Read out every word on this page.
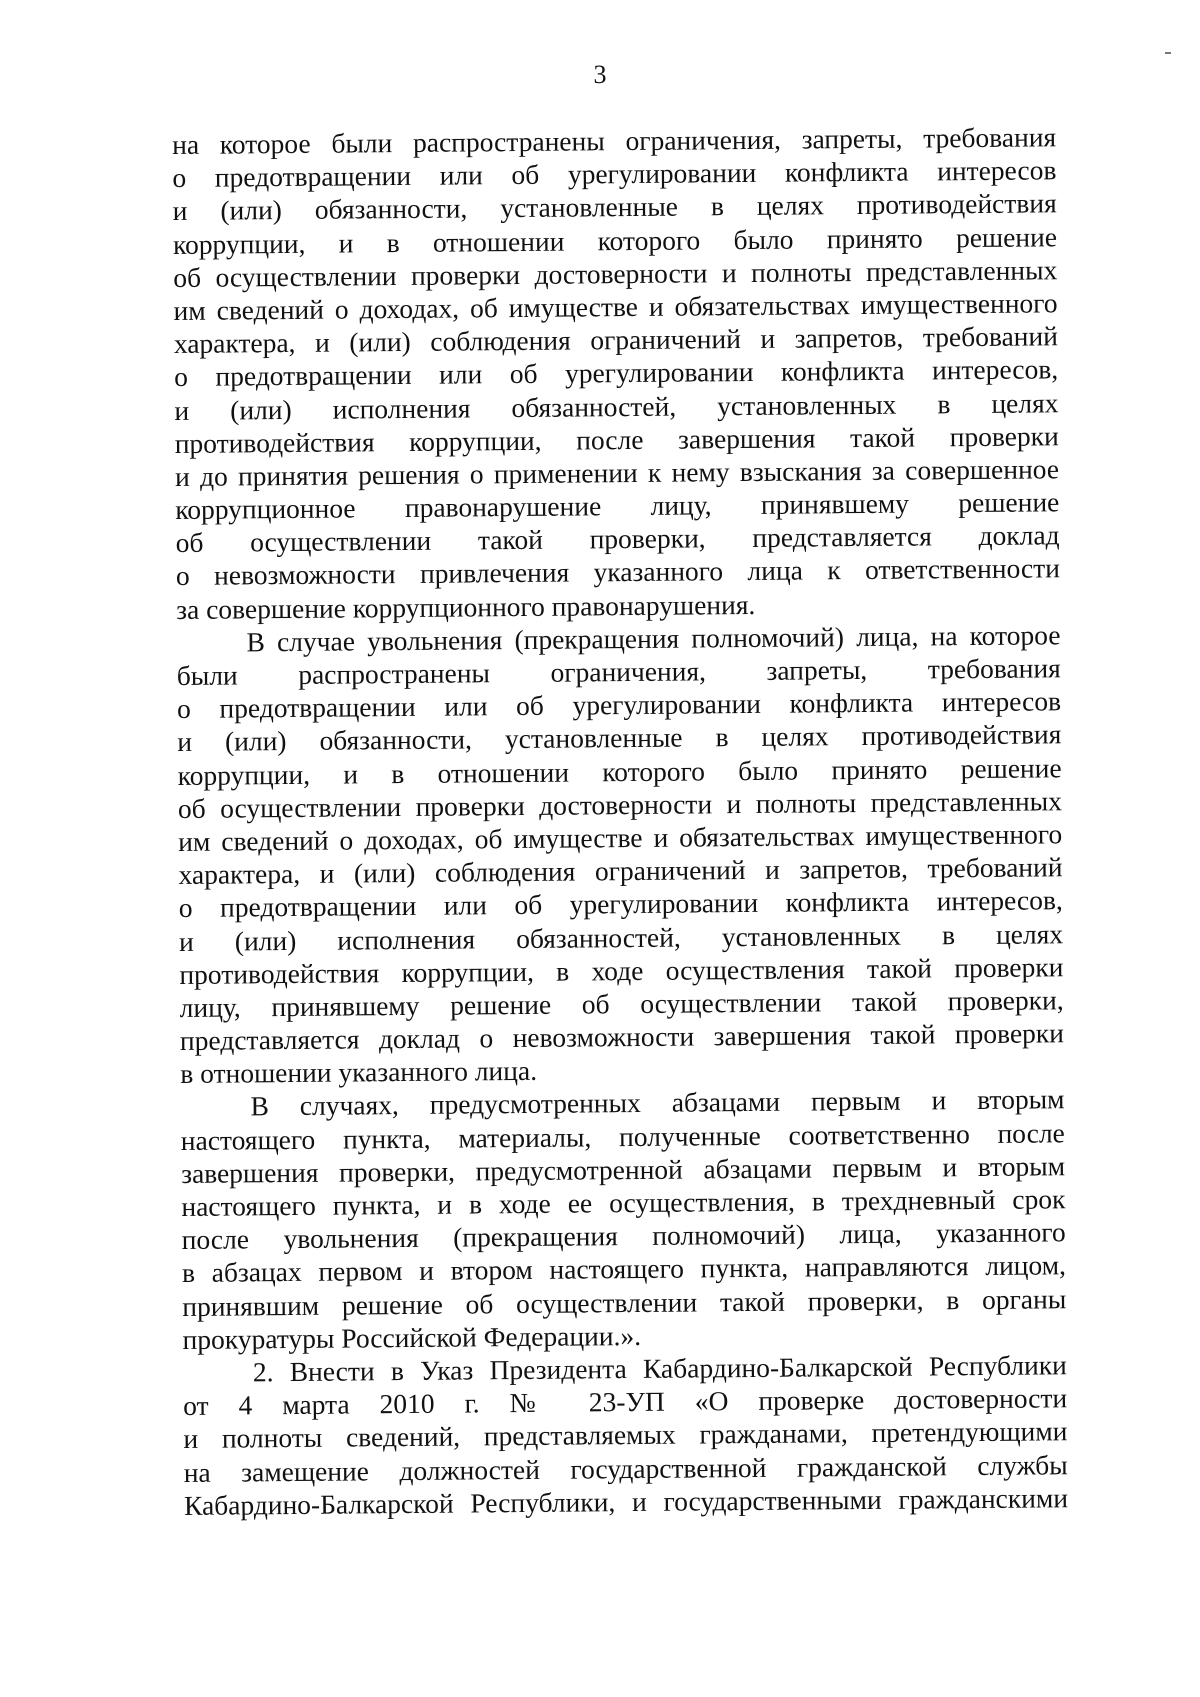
3
на которое были распространены ограничения, запреты, требования
о предотвращении или об урегулировании конфликта интересов
и (или) обязанности, установленные в целях противодействия
коррупции, и в отношении которого было принято решение
об осуществлении проверки достоверности и полноты представленных
им сведений о доходах, об имуществе и обязательствах имущественного
характера, и (или) соблюдения ограничений и запретов, требований
о предотвращении или об урегулировании конфликта интересов,
и (или) исполнения обязанностей, установленных в целях
противодействия коррупции, после завершения такой проверки
и до принятия решения о применении к нему взыскания за совершенное
коррупционное правонарушение лицу, принявшему решение
об осуществлении такой проверки, представляется доклад
о невозможности привлечения указанного лица к ответственности
за совершение коррупционного правонарушения.
В случае увольнения (прекращения полномочий) лица, на которое
были распространены ограничения, запреты, требования
о предотвращении или об урегулировании конфликта интересов
и (или) обязанности, установленные в целях противодействия
коррупции, и в отношении которого было принято решение
об осуществлении проверки достоверности и полноты представленных
им сведений о доходах, об имуществе и обязательствах имущественного
характера, и (или) соблюдения ограничений и запретов, требований
о предотвращении или об урегулировании конфликта интересов,
и (или) исполнения обязанностей, установленных в целях
противодействия коррупции, в ходе осуществления такой проверки
лицу, принявшему решение об осуществлении такой проверки,
представляется доклад о невозможности завершения такой проверки
в отношении указанного лица.
В случаях, предусмотренных абзацами первым и вторым
настоящего пункта, материалы, полученные соответственно после
завершения проверки, предусмотренной абзацами первым и вторым
настоящего пункта, и в ходе ее осуществления, в трехдневный срок
после увольнения (прекращения полномочий) лица, указанного
в абзацах первом и втором настоящего пункта, направляются лицом,
принявшим решение об осуществлении такой проверки, в органы
прокуратуры Российской Федерации.».
2. Внести в Указ Президента Кабардино-Балкарской Республики
от 4 марта 2010 г. № 23-УП «О проверке достоверности
и полноты сведений, представляемых гражданами, претендующими
на замещение должностей государственной гражданской службы
Кабардино-Балкарской Республики, и государственными гражданскими
